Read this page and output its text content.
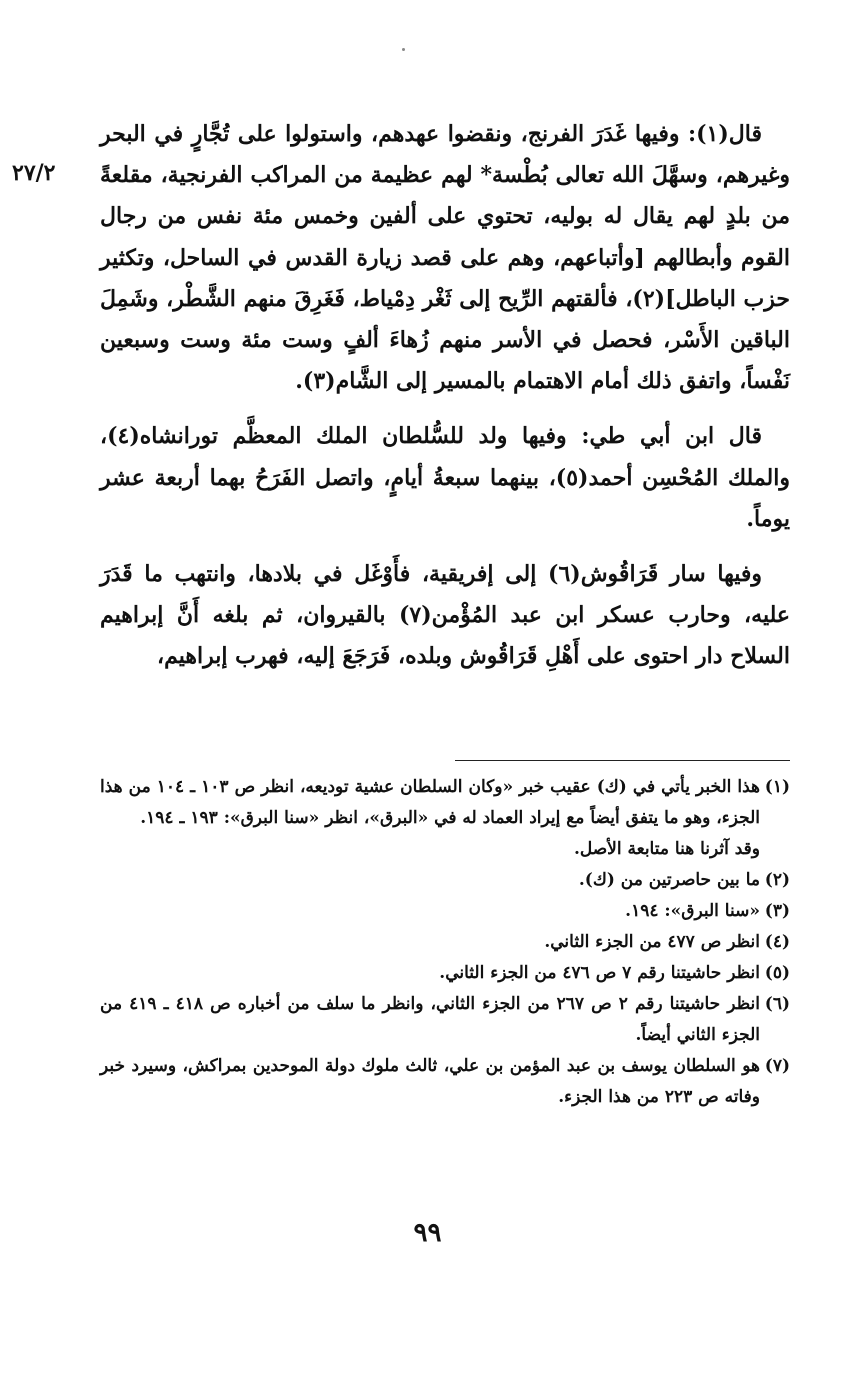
٢٧/٢

قال(١): وفيها غَدَرَ الفرنج، ونقضوا عهدهم، واستولوا على تُجَّارٍ في البحر وغيرهم، وسهَّلَ الله تعالى بُطْسة* لهم عظيمة من المراكب الفرنجية، مقلعةً من بلدٍ لهم يقال له بوليه، تحتوي على ألفين وخمس مئة نفس من رجال القوم وأبطالهم [وأتباعهم، وهم على قصد زيارة القدس في الساحل، وتكثير حزب الباطل](٢)، فألقتهم الرِّيح إلى ثَغْر دِمْياط، فَغَرِقَ منهم الشَّطْر، وشَمِلَ الباقين الأَسْر، فحصل في الأسر منهم زُهاءَ ألفٍ وست مئة وست وسبعين نَفْساً، واتفق ذلك أمام الاهتمام بالمسير إلى الشَّام(٣).

قال ابن أبي طي: وفيها ولد للسُّلطان الملك المعظَّم تورانشاه(٤)، والملك المُحْسِن أحمد(٥)، بينهما سبعةُ أيامٍ، واتصل الفَرَحُ بهما أربعة عشر يوماً.

وفيها سار قَرَاقُوش(٦) إلى إفريقية، فأَوْغَل في بلادها، وانتهب ما قَدَرَ عليه، وحارب عسكر ابن عبد المُؤْمن(٧) بالقيروان، ثم بلغه أَنَّ إبراهيم السلاح دار احتوى على أَهْلِ قَرَاقُوش وبلده، فَرَجَعَ إليه، فهرب إبراهيم،

(١)هذا الخبر يأتي في (ك) عقيب خبر «وكان السلطان عشية توديعه، انظر ص ١٠٣ ـ ١٠٤ من هذا الجزء، وهو ما يتفق أيضاً مع إيراد العماد له في «البرق»، انظر «سنا البرق»: ١٩٣ ـ ١٩٤.

وقد آثرنا هنا متابعة الأصل.

(٢)ما بين حاصرتين من (ك).

(٣)«سنا البرق»: ١٩٤.

(٤)انظر ص ٤٧٧ من الجزء الثاني.

(٥)انظر حاشيتنا رقم ٧ ص ٤٧٦ من الجزء الثاني.

(٦)انظر حاشيتنا رقم ٢ ص ٢٦٧ من الجزء الثاني، وانظر ما سلف من أخباره ص ٤١٨ ـ ٤١٩ من الجزء الثاني أيضاً.

(٧)هو السلطان يوسف بن عبد المؤمن بن علي، ثالث ملوك دولة الموحدين بمراكش، وسيرد خبر وفاته ص ٢٢٣ من هذا الجزء.

٩٩
